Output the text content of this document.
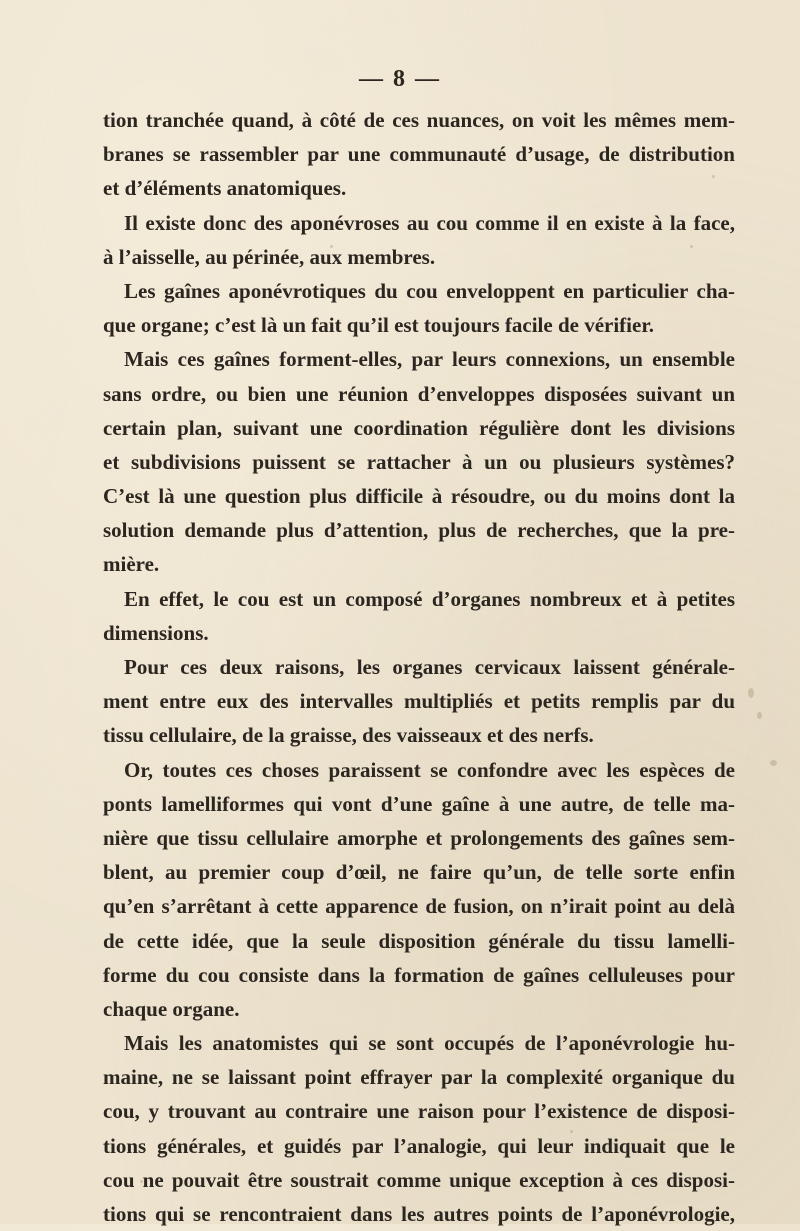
— 8 —
tion tranchée quand, à côté de ces nuances, on voit les mêmes mem-
branes se rassembler par une communauté d’usage, de distribution
et d’éléments anatomiques.
Il existe donc des aponévroses au cou comme il en existe à la face,
à l’aisselle, au périnée, aux membres.
Les gaînes aponévrotiques du cou enveloppent en particulier cha-
que organe; c’est là un fait qu’il est toujours facile de vérifier.
Mais ces gaînes forment-elles, par leurs connexions, un ensemble
sans ordre, ou bien une réunion d’enveloppes disposées suivant un
certain plan, suivant une coordination régulière dont les divisions
et subdivisions puissent se rattacher à un ou plusieurs systèmes?
C’est là une question plus difficile à résoudre, ou du moins dont la
solution demande plus d’attention, plus de recherches, que la pre-
mière.
En effet, le cou est un composé d’organes nombreux et à petites
dimensions.
Pour ces deux raisons, les organes cervicaux laissent générale-
ment entre eux des intervalles multipliés et petits remplis par du
tissu cellulaire, de la graisse, des vaisseaux et des nerfs.
Or, toutes ces choses paraissent se confondre avec les espèces de
ponts lamelliformes qui vont d’une gaîne à une autre, de telle ma-
nière que tissu cellulaire amorphe et prolongements des gaînes sem-
blent, au premier coup d’œil, ne faire qu’un, de telle sorte enfin
qu’en s’arrêtant à cette apparence de fusion, on n’irait point au delà
de cette idée, que la seule disposition générale du tissu lamelli-
forme du cou consiste dans la formation de gaînes celluleuses pour
chaque organe.
Mais les anatomistes qui se sont occupés de l’aponévrologie hu-
maine, ne se laissant point effrayer par la complexité organique du
cou, y trouvant au contraire une raison pour l’existence de disposi-
tions générales, et guidés par l’analogie, qui leur indiquait que le
cou ne pouvait être soustrait comme unique exception à ces disposi-
tions qui se rencontraient dans les autres points de l’aponévrologie,
